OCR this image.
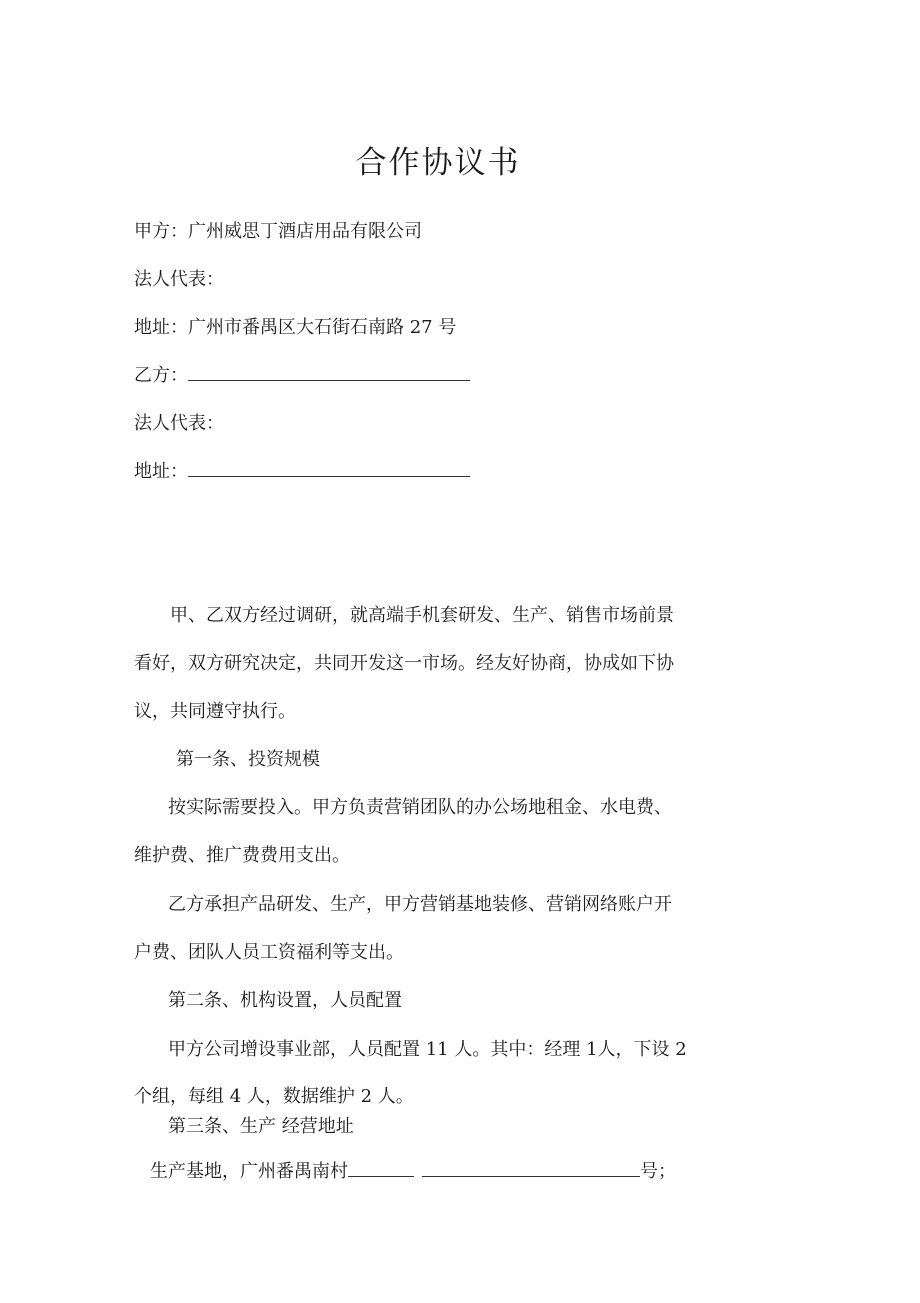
合作协议书
甲方：广州威思丁酒店用品有限公司
法人代表：
地址：广州市番禺区大石街石南路 27 号
乙方：
法人代表：
地址：
甲、乙双方经过调研，就高端手机套研发、生产、销售市场前景
看好，双方研究决定，共同开发这一市场。经友好协商，协成如下协
议，共同遵守执行。
第一条、投资规模
按实际需要投入。甲方负责营销团队的办公场地租金、水电费、
维护费、推广费费用支出。
乙方承担产品研发、生产，甲方营销基地装修、营销网络账户开
户费、团队人员工资福利等支出。
第二条、机构设置，人员配置
甲方公司增设事业部，人员配置 11 人。其中：经理 1人，下设 2
个组，每组 4 人，数据维护 2 人。
第三条、生产 经营地址
生产基地，广州番禺南村	号；
